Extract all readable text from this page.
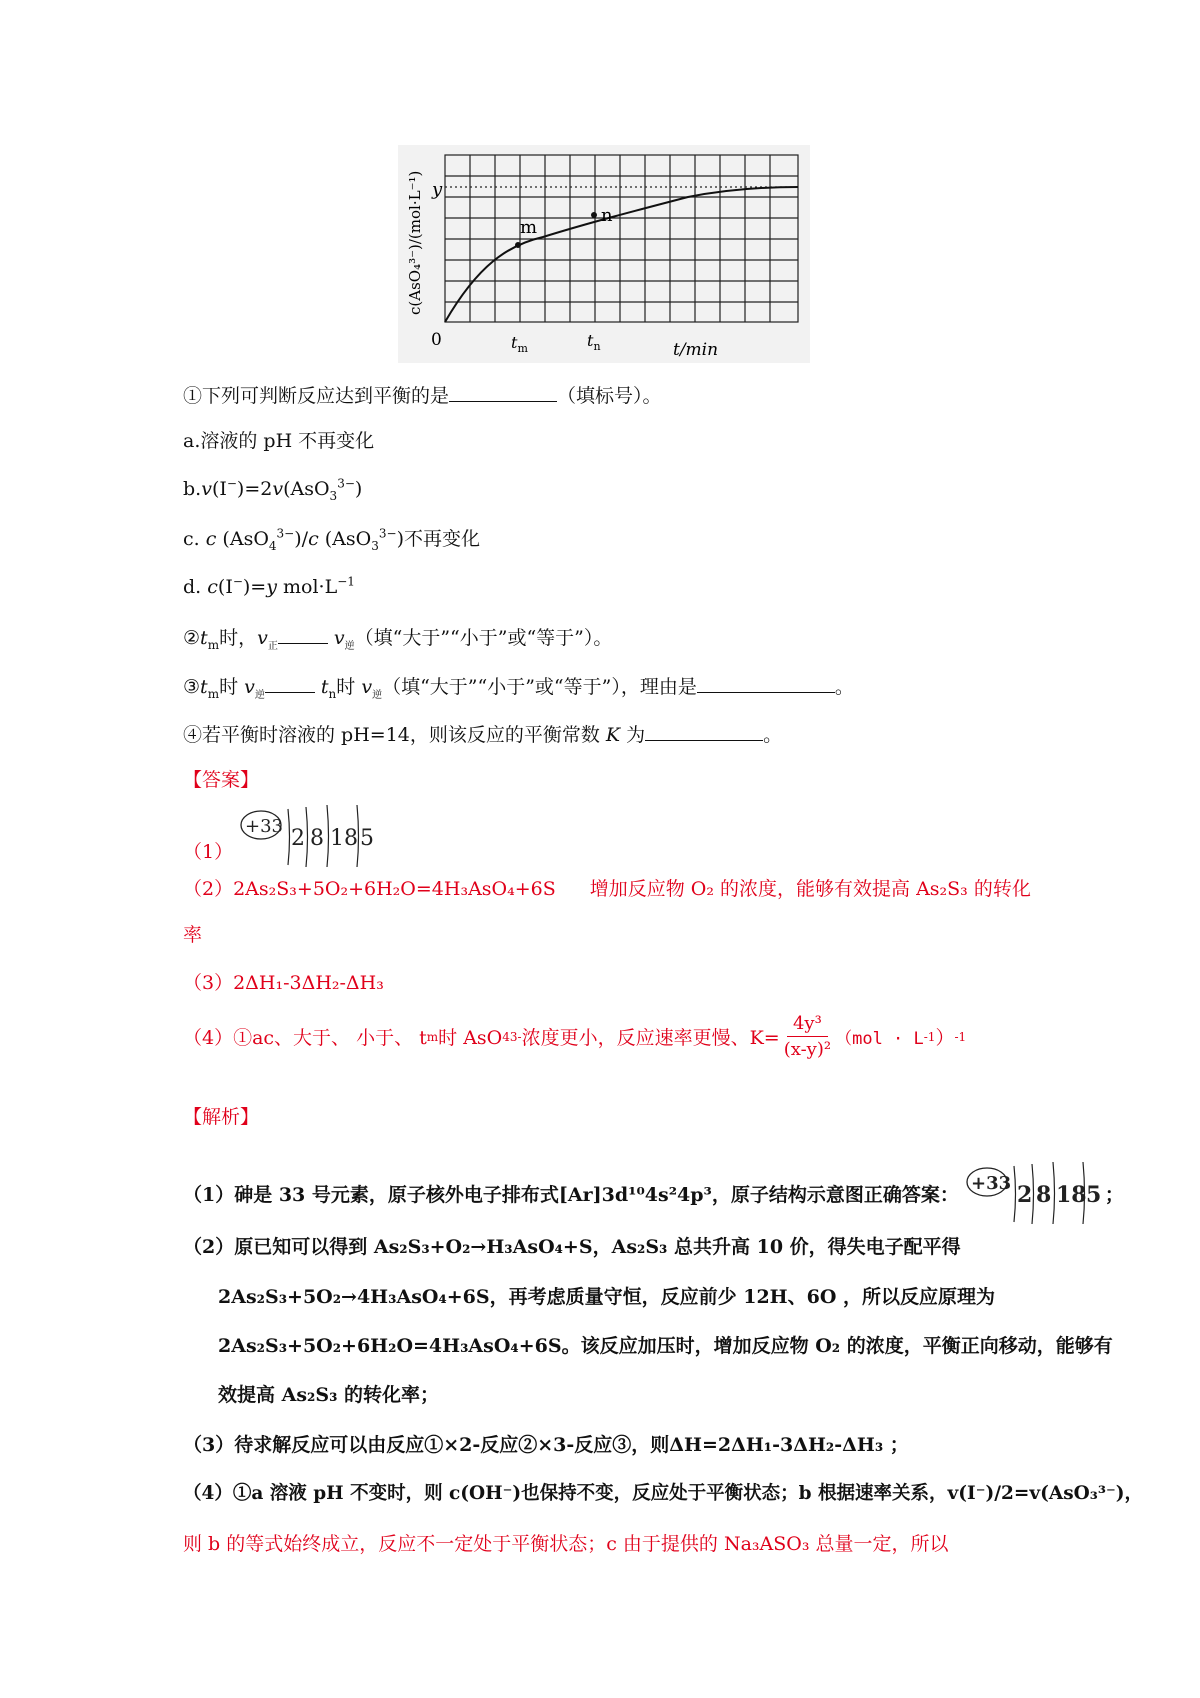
y
m
n
0	$t_m$	$t_n$	t/min
c(AsO₄³⁻)/(mol·L⁻¹)
①下列可判断反应达到平衡的是	（填标号）。
a.溶液的 pH 不再变化
b.v(I−)=2v(AsO$_3^{3-}$)
c. c (AsO$_4^{3-}$)/c (AsO$_3^{3-}$)不再变化
d. c(I−)=y $mol\cdot L^{-1}$
$②t_m$时，$v_正$	$v_逆$（填“大于”“小于”或“等于”）。
$③t_m$时 $v_逆$	$t_n$时 $v_逆$（填“大于”“小于”或“等于”），理由是	。
④若平衡时溶液的 pH=14，则该反应的平衡常数 K 为	。
【答案】
（1）
+33 2 8 18 5
（2）2As₂S₃+5O₂+6H₂O=4H₃AsO₄+6S 增加反应物 O₂ 的浓度，能够有效提高 As₂S₃ 的转化
率
（3）2ΔH₁-3ΔH₂-ΔH₃
（4）①ac、大于、 小于、 t m 时 AsO 4 3- 浓度更小，反应速率更慢、$K= \frac{\text{4y³}}{\text{(x-y)²}} (mol \cdot L$ -1 ） -1
【解析】
（1）砷是 33 号元素，原子核外电子排布式[Ar]3d¹⁰4s²4p³，原子结构示意图正确答案： +33 2 8 18 5 ；
（2）原已知可以得到 As₂S₃+O₂→H₃AsO₄+S，As₂S₃ 总共升高 10 价，得失电子配平得
2As₂S₃+5O₂→4H₃AsO₄+6S，再考虑质量守恒，反应前少 12H、6O ，所以反应原理为
2As₂S₃+5O₂+6H₂O=4H₃AsO₄+6S。该反应加压时，增加反应物 O₂ 的浓度，平衡正向移动，能够有
效提高 As₂S₃ 的转化率；
（3）待求解反应可以由反应①×2-反应②×3-反应③，则ΔH=2ΔH₁-3ΔH₂-ΔH₃ ；
（4）①a 溶液 pH 不变时，则 c(OH⁻)也保持不变，反应处于平衡状态；b 根据速率关系，v(I⁻)/2=v(AsO₃³⁻)，
则 b 的等式始终成立，反应不一定处于平衡状态；c 由于提供的 Na₃ASO₃ 总量一定，所以
